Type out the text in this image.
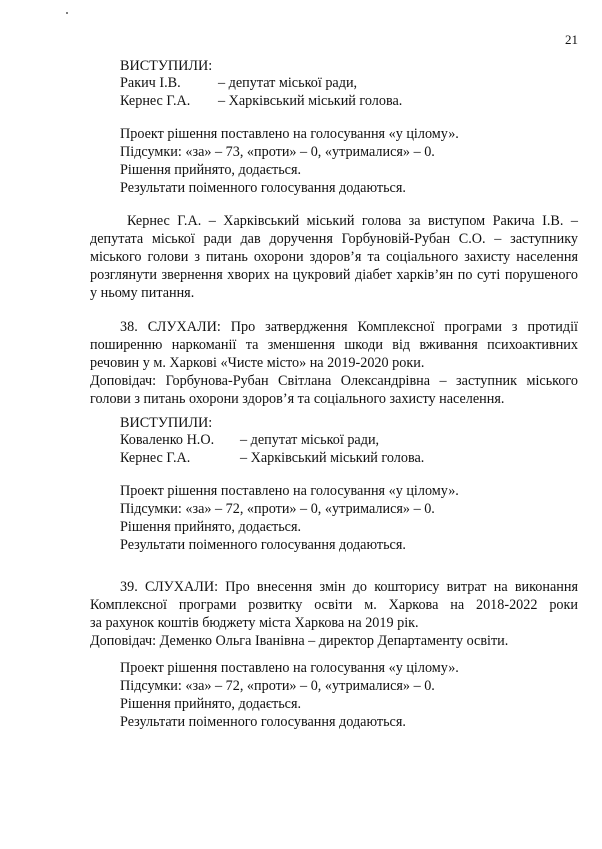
21
ВИСТУПИЛИ:
Ракич І.В.	– депутат міської ради,
Кернес Г.А. – Харківський міський голова.
Проект рішення поставлено на голосування «у цілому».
Підсумки: «за» – 73, «проти» – 0, «утрималися» – 0.
Рішення прийнято, додається.
Результати поіменного голосування додаються.
Кернес Г.А. – Харківський міський голова за виступом Ракича І.В. –
депутата міської ради дав доручення Горбуновій-Рубан С.О. – заступнику
міського голови з питань охорони здоров’я та соціального захисту населення
розглянути звернення хворих на цукровий діабет харків’ян по суті порушеного
у ньому питання.
38. СЛУХАЛИ: Про затвердження Комплексної програми з протидії
поширенню наркоманії та зменшення шкоди від вживання психоактивних
речовин у м. Харкові «Чисте місто» на 2019-2020 роки.
Доповідач: Горбунова-Рубан Світлана Олександрівна – заступник міського
голови з питань охорони здоров’я та соціального захисту населення.
ВИСТУПИЛИ:
Коваленко Н.О. – депутат міської ради,
Кернес Г.А.	– Харківський міський голова.
Проект рішення поставлено на голосування «у цілому».
Підсумки: «за» – 72, «проти» – 0, «утрималися» – 0.
Рішення прийнято, додається.
Результати поіменного голосування додаються.
39. СЛУХАЛИ: Про внесення змін до кошторису витрат на виконання
Комплексної програми розвитку освіти м. Харкова на 2018-2022 роки
за рахунок коштів бюджету міста Харкова на 2019 рік.
Доповідач: Деменко Ольга Іванівна – директор Департаменту освіти.
Проект рішення поставлено на голосування «у цілому».
Підсумки: «за» – 72, «проти» – 0, «утрималися» – 0.
Рішення прийнято, додається.
Результати поіменного голосування додаються.
